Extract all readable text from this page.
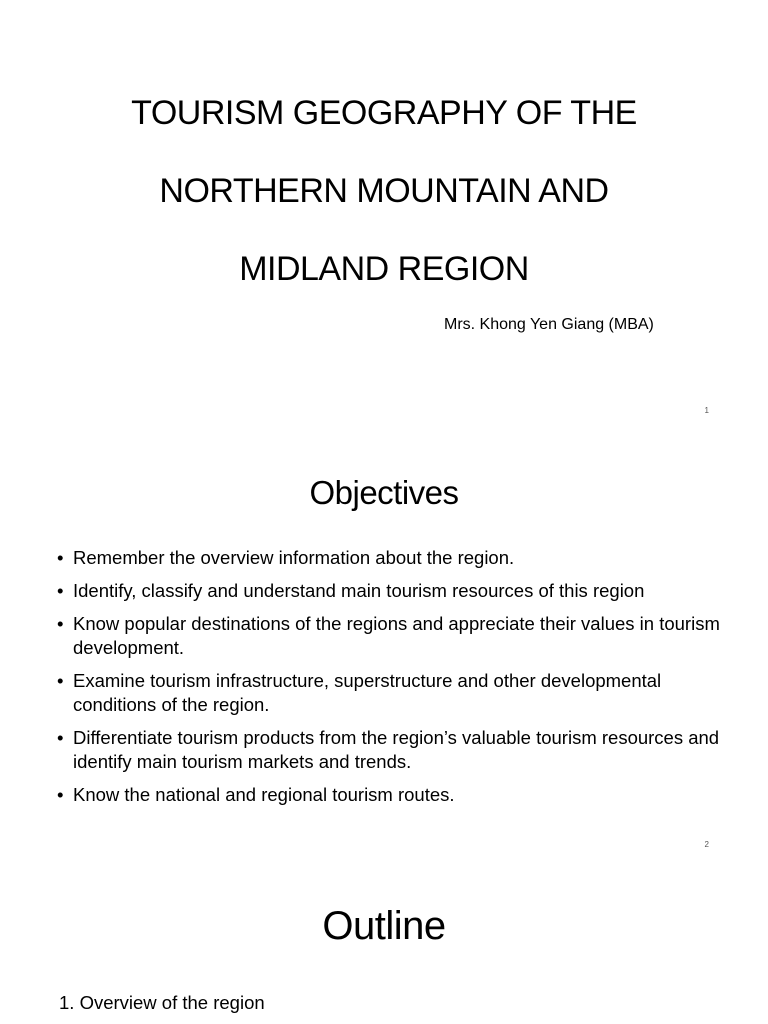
TOURISM GEOGRAPHY OF THE
NORTHERN MOUNTAIN AND
MIDLAND REGION
Mrs. Khong Yen Giang (MBA)
1
Objectives
• Remember the overview information about the region.
• Identify, classify and understand main tourism resources of this region
• Know popular destinations of the regions and appreciate their values in tourism development.
• Examine tourism infrastructure, superstructure and other developmental conditions of the region.
• Differentiate tourism products from the region’s valuable tourism resources and identify main tourism markets and trends.
• Know the national and regional tourism routes.
2
Outline
1. Overview of the region
